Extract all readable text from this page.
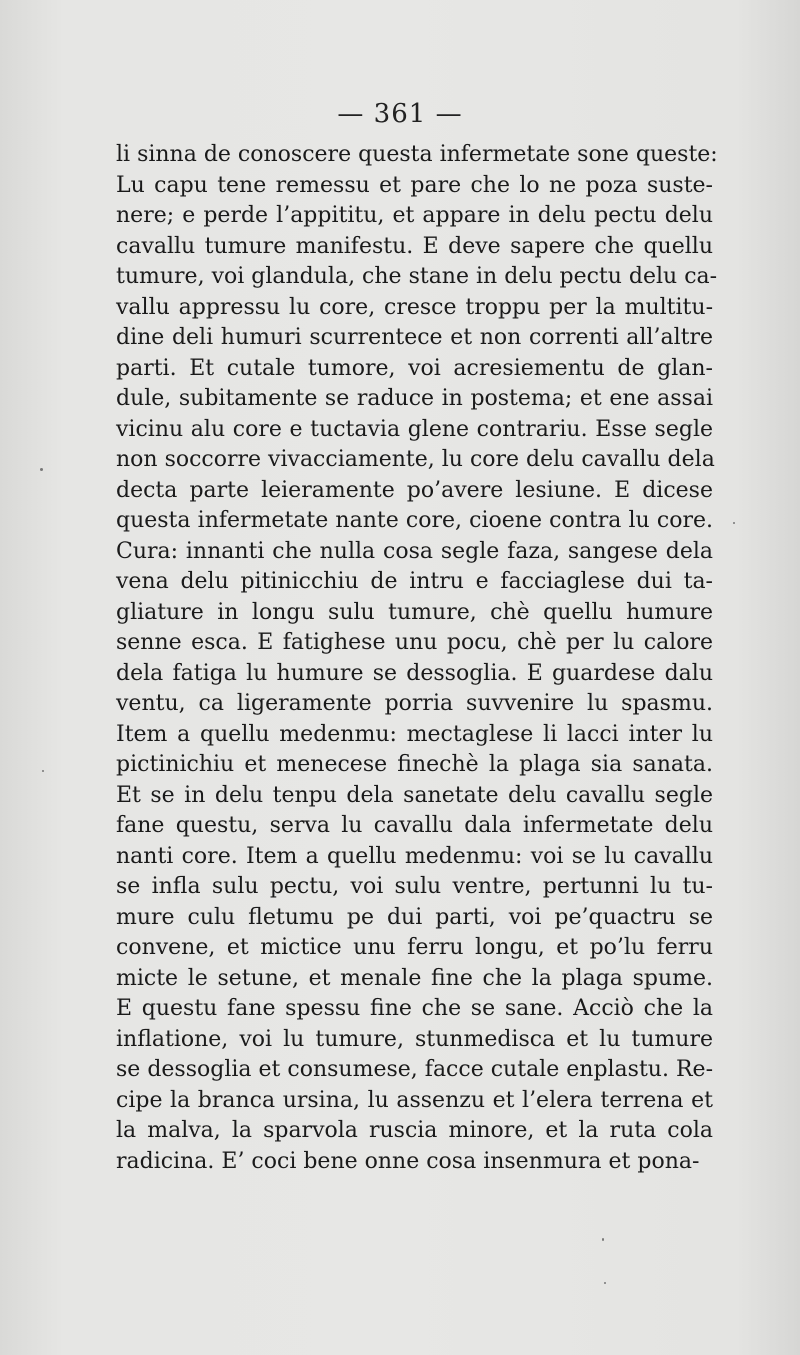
— 361 —
li sinna de conoscere questa infermetate sone queste:
Lu capu tene remessu et pare che lo ne poza suste-
nere; e perde l’appititu, et appare in delu pectu delu
cavallu tumure manifestu. E deve sapere che quellu
tumure, voi glandula, che stane in delu pectu delu ca-
vallu appressu lu core, cresce troppu per la multitu-
dine deli humuri scurrentece et non correnti all’altre
parti. Et cutale tumore, voi acresiementu de glan-
dule, subitamente se raduce in postema; et ene assai
vicinu alu core e tuctavia glene contrariu. Esse segle
non soccorre vivacciamente, lu core delu cavallu dela
decta parte leieramente po’avere lesiune. E dicese
questa infermetate nante core, cioene contra lu core.
Cura: innanti che nulla cosa segle faza, sangese dela
vena delu pitinicchiu de intru e facciaglese dui ta-
gliature in longu sulu tumure, chè quellu humure
senne esca. E fatighese unu pocu, chè per lu calore
dela fatiga lu humure se dessoglia. E guardese dalu
ventu, ca ligeramente porria suvvenire lu spasmu.
Item a quellu medenmu: mectaglese li lacci inter lu
pictinichiu et menecese finechè la plaga sia sanata.
Et se in delu tenpu dela sanetate delu cavallu segle
fane questu, serva lu cavallu dala infermetate delu
nanti core. Item a quellu medenmu: voi se lu cavallu
se infla sulu pectu, voi sulu ventre, pertunni lu tu-
mure culu fletumu pe dui parti, voi pe’quactru se
convene, et mictice unu ferru longu, et po’lu ferru
micte le setune, et menale fine che la plaga spume.
E questu fane spessu fine che se sane. Acciò che la
inflatione, voi lu tumure, stunmedisca et lu tumure
se dessoglia et consumese, facce cutale enplastu. Re-
cipe la branca ursina, lu assenzu et l’elera terrena et
la malva, la sparvola ruscia minore, et la ruta cola
radicina. E’ coci bene onne cosa insenmura et pona-
